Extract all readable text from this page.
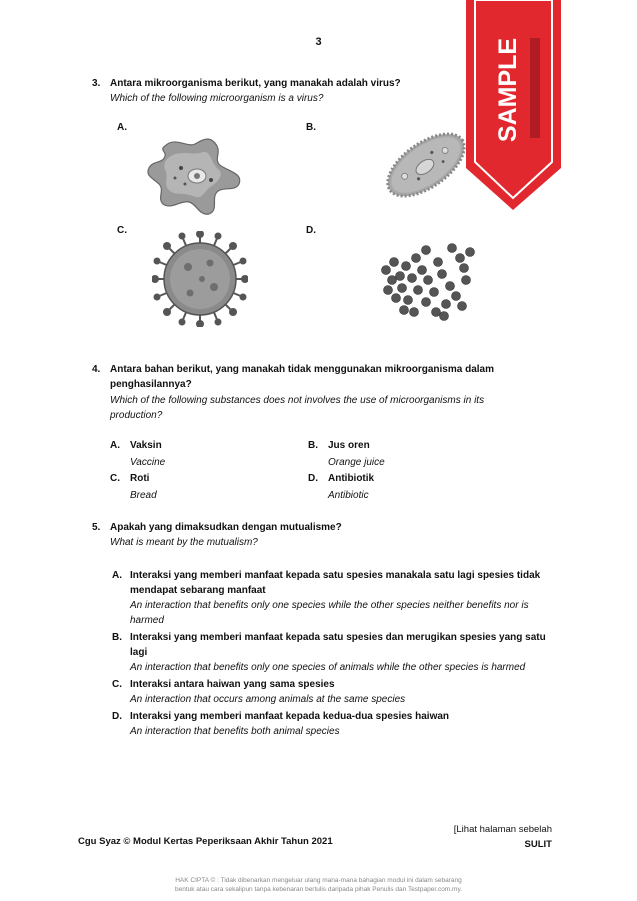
3	SAMPLE
3. Antara mikroorganisma berikut, yang manakah adalah virus?
Which of the following microorganism is a virus?
A.	B.
C.	D.
4. Antara bahan berikut, yang manakah tidak menggunakan mikroorganisma dalam penghasilannya?
Which of the following substances does not involves the use of microorganisms in its production?
A. Vaksin
Vaccine
B. Jus oren
Orange juice
C. Roti
Bread
D. Antibiotik
Antibiotic
5. Apakah yang dimaksudkan dengan mutualisme?
What is meant by the mutualism?
A. Interaksi yang memberi manfaat kepada satu spesies manakala satu lagi spesies tidak mendapat sebarang manfaat
An interaction that benefits only one species while the other species neither benefits nor is harmed
B. Interaksi yang memberi manfaat kepada satu spesies dan merugikan spesies yang satu lagi
An interaction that benefits only one species of animals while the other species is harmed
C. Interaksi antara haiwan yang sama spesies
An interaction that occurs among animals at the same species
D. Interaksi yang memberi manfaat kepada kedua-dua spesies haiwan
An interaction that benefits both animal species
Cgu Syaz © Modul Kertas Peperiksaan Akhir Tahun 2021
[Lihat halaman sebelah
SULIT
HAK CIPTA © : Tidak dibenarkan mengeluar ulang mana-mana bahagian modul ini dalam sebarang
bentuk atau cara sekalipun tanpa kebenaran bertulis daripada pihak Penulis dan Testpaper.com.my.
